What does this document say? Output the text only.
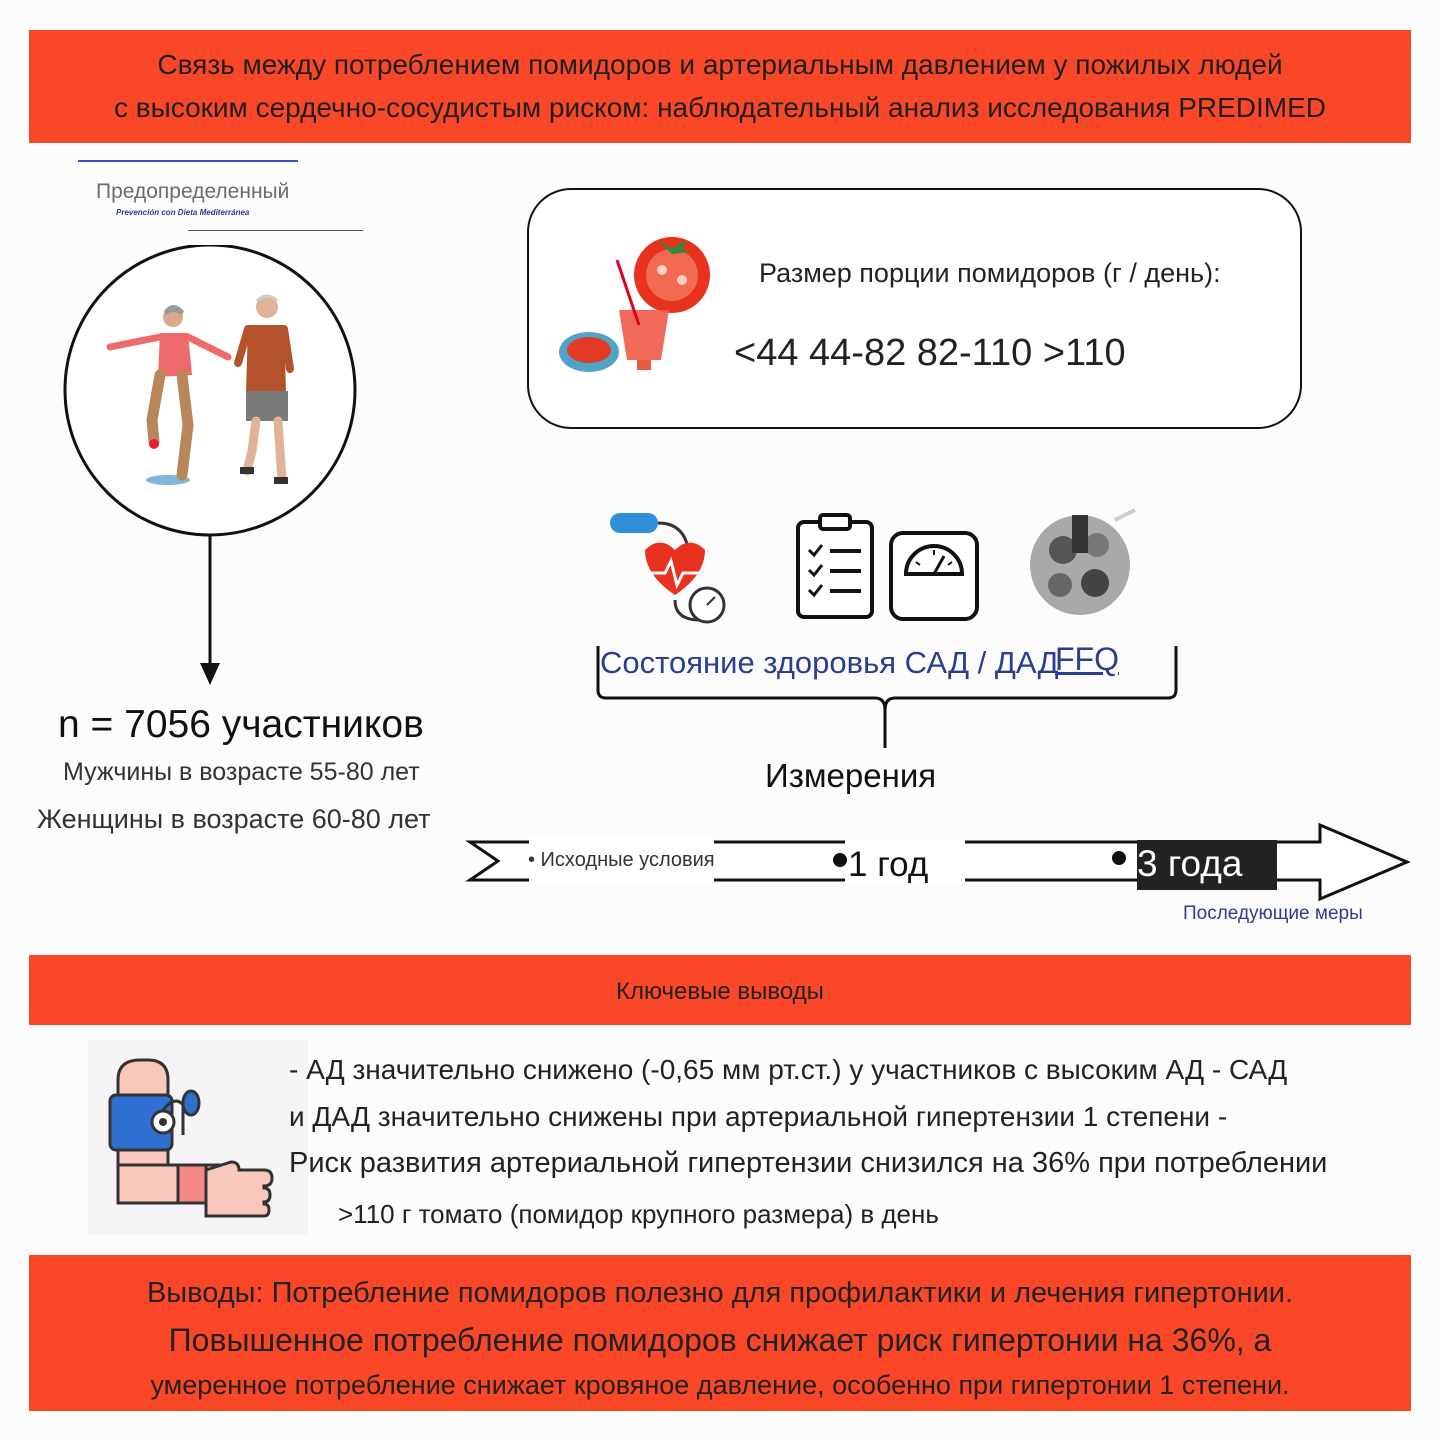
Связь между потреблением помидоров и артериальным давлением у пожилых людей
с высоким сердечно-сосудистым риском: наблюдательный анализ исследования PREDIMED
Предопределенный
Prevención con Dieta Mediterránea
n = 7056 участников
Мужчины в возрасте 55-80 лет
Женщины в возрасте 60-80 лет
Размер порции помидоров (г / день):
<44 44-82 82-110 >110
Состояние здоровья САД / ДАД
FFQ
Измерения
• Исходные условия	1 год	3 года
Последующие меры
Ключевые выводы
- АД значительно снижено (-0,65 мм рт.ст.) у участников с высоким АД - САД
и ДАД значительно снижены при артериальной гипертензии 1 степени -
Риск развития артериальной гипертензии снизился на 36% при потреблении
>110 г томато (помидор крупного размера) в день
Выводы: Потребление помидоров полезно для профилактики и лечения гипертонии.
Повышенное потребление помидоров снижает риск гипертонии на 36%, а
умеренное потребление снижает кровяное давление, особенно при гипертонии 1 степени.
